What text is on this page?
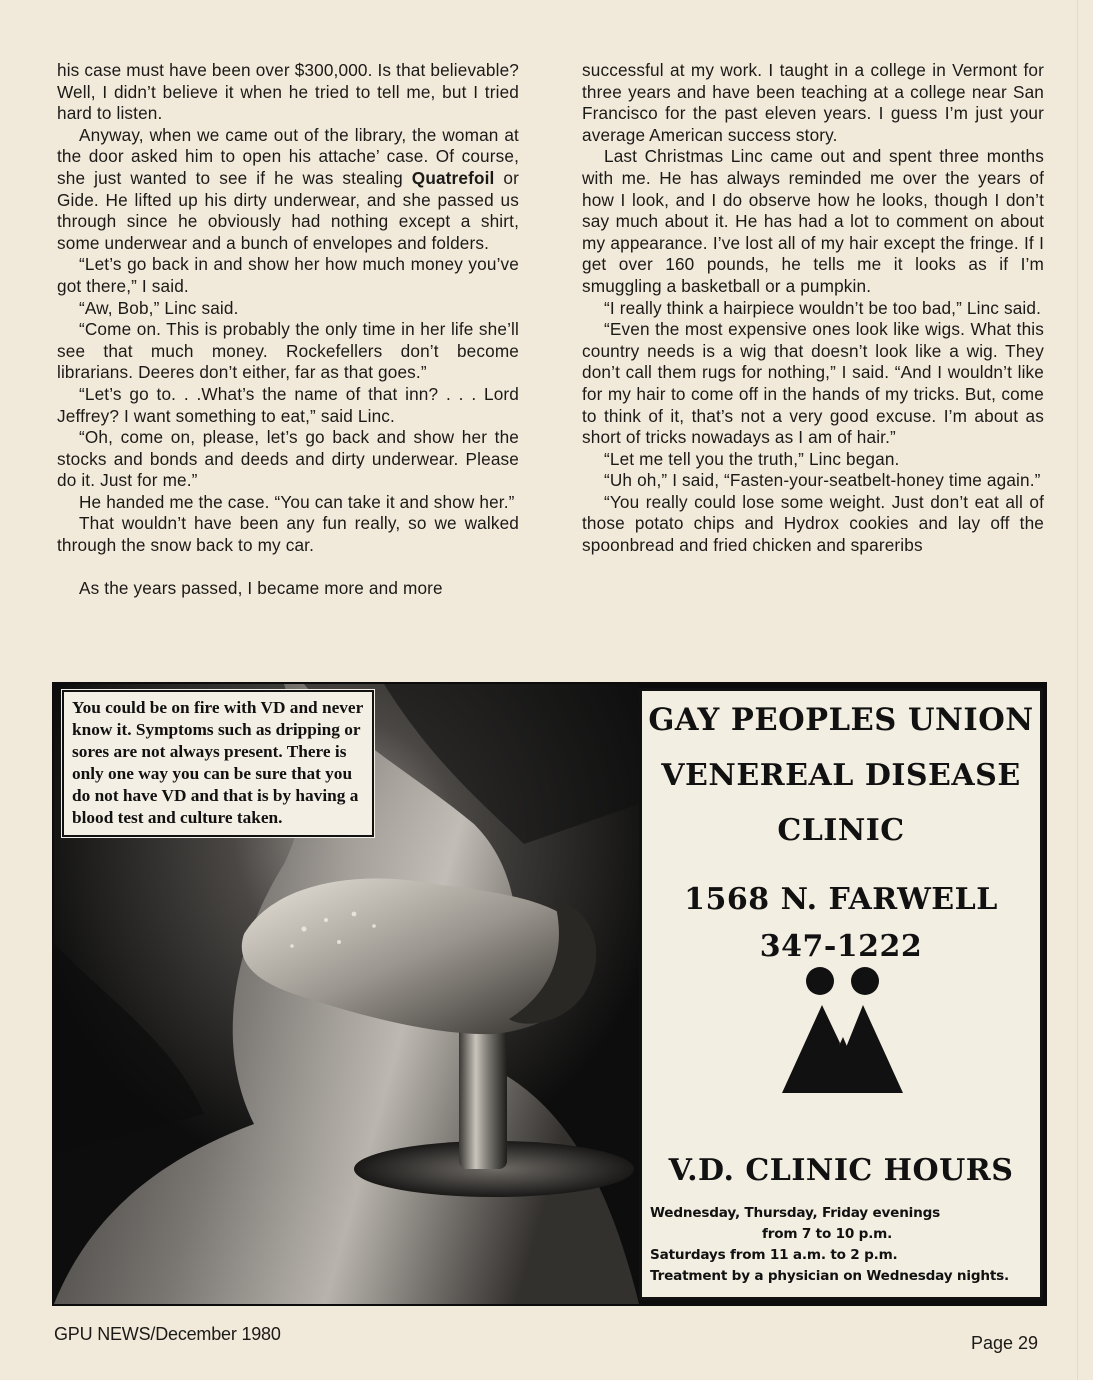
his case must have been over $300,000. Is that believable? Well, I didn’t believe it when he tried to tell me, but I tried hard to listen.

Anyway, when we came out of the library, the woman at the door asked him to open his attache’ case. Of course, she just wanted to see if he was stealing Quatrefoil or Gide. He lifted up his dirty underwear, and she passed us through since he obviously had nothing except a shirt, some underwear and a bunch of envelopes and folders.

“Let’s go back in and show her how much money you’ve got there,” I said.

“Aw, Bob,” Linc said.

“Come on. This is probably the only time in her life she’ll see that much money. Rockefellers don’t become librarians. Deeres don’t either, far as that goes.”

“Let’s go to. . .What’s the name of that inn? . . . Lord Jeffrey? I want something to eat,” said Linc.

“Oh, come on, please, let’s go back and show her the stocks and bonds and deeds and dirty underwear. Please do it. Just for me.”

He handed me the case. “You can take it and show her.”

That wouldn’t have been any fun really, so we walked through the snow back to my car.

As the years passed, I became more and more

successful at my work. I taught in a college in Vermont for three years and have been teaching at a college near San Francisco for the past eleven years. I guess I’m just your average American success story.

Last Christmas Linc came out and spent three months with me. He has always reminded me over the years of how I look, and I do observe how he looks, though I don’t say much about it. He has had a lot to comment on about my appearance. I’ve lost all of my hair except the fringe. If I get over 160 pounds, he tells me it looks as if I’m smuggling a basketball or a pumpkin.

“I really think a hairpiece wouldn’t be too bad,” Linc said.

“Even the most expensive ones look like wigs. What this country needs is a wig that doesn’t look like a wig. They don’t call them rugs for nothing,” I said. “And I wouldn’t like for my hair to come off in the hands of my tricks. But, come to think of it, that’s not a very good excuse. I’m about as short of tricks nowadays as I am of hair.”

“Let me tell you the truth,” Linc began.

“Uh oh,” I said, “Fasten-your-seatbelt-honey time again.”

“You really could lose some weight. Just don’t eat all of those potato chips and Hydrox cookies and lay off the spoonbread and fried chicken and spareribs

You could be on fire with VD and never know it. Symptoms such as dripping or sores are not always present. There is only one way you can be sure that you do not have VD and that is by having a blood test and culture taken.
GAY PEOPLES UNION
VENEREAL DISEASE
CLINIC
1568 N. FARWELL
347-1222
V.D. CLINIC HOURS
Wednesday, Thursday, Friday evenings
from 7 to 10 p.m.
Saturdays from 11 a.m. to 2 p.m.
Treatment by a physician on Wednesday nights.
GPU NEWS/December 1980	Page 29
